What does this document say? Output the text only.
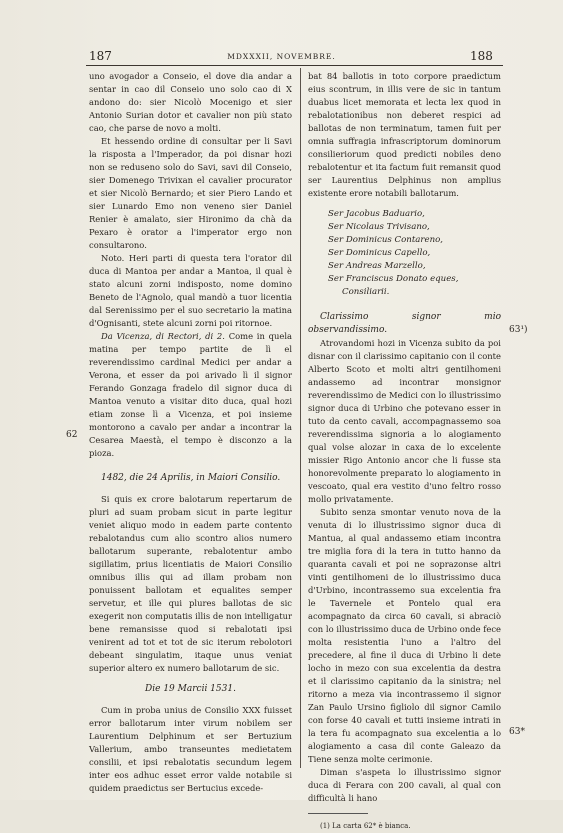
187	MDXXXII, NOVEMBRE.	188

uno avogador a Conseio, el dove dia andar a sentar in cao dil Conseio uno solo cao di X andono do: sier Nicolò Mocenigo et sier Antonio Surian dotor et cavalier non più stato cao, che parse de novo a molti.

Et hessendo ordine di consultar per li Savi la risposta a l'Imperador, da poi disnar hozi non se reduseno solo do Savi, savi dil Conseio, sier Domenego Trivixan el cavalier procurator et sier Nicolò Bernardo; et sier Piero Lando et sier Lunardo Emo non veneno sier Daniel Renier è amalato, sier Hironimo da chà da Pexaro è orator a l'imperator ergo non consultarono.

Noto. Heri parti di questa tera l'orator dil duca di Mantoa per andar a Mantoa, il qual è stato alcuni zorni indisposto, nome domino Beneto de l'Agnolo, qual mandò a tuor licentia dal Serenissimo per el suo secretario la matina d'Ognisanti, stete alcuni zorni poi ritornoe.

Da Vicenza, di Rectori, di 2. Come in quela matina per tempo partite de lì el reverendissimo cardinal Medici per andar a Verona, et esser da poi arivado lì il signor Ferando Gonzaga fradelo dil signor duca di Mantoa venuto a visitar dito duca, qual hozi etiam zonse lì a Vicenza, et poi insieme montorono a cavalo per andar a incontrar la Cesarea Maestà, el tempo è disconzo a la pioza.

1482, die 24 Aprilis, in Maiori Consilio.

Si quis ex crore balotarum repertarum de pluri ad suam probam sicut in parte legitur veniet aliquo modo in eadem parte contento rebalotandus cum alio scontro alios numero ballotarum superante, rebalotentur ambo sigillatim, prius licentiatis de Maiori Consilio omnibus illis qui ad illam probam non ponuissent ballotam et equalites semper servetur, et ille qui plures ballotas de sic exegerit non computatis illis de non intelligatur bene remansisse quod si rebalotati ipsi venirent ad tot et tot de sic iterum rebolotori debeant singulatim, itaque unus veniat superior altero ex numero ballotarum de sic.

Die 19 Marcii 1531.

Cum in proba unius de Consilio XXX fuisset error ballotarum inter virum nobilem ser Laurentium Delphinum et ser Bertuzium Vallerium, ambo transeuntes medietatem consilii, et ipsi rebalotatis secundum legem inter eos adhuc esset error valde notabile si quidem praedictus ser Bertucius excede-

62

bat 84 ballotis in toto corpore praedictum eius scontrum, in illis vere de sic in tantum duabus licet memorata et lecta lex quod in rebalotationibus non deberet respici ad ballotas de non terminatum, tamen fuit per omnia suffragia infrascriptorum dominorum consilieriorum quod predicti nobiles deno rebalotentur et ita factum fuit remansit quod ser Laurentius Delphinus non amplius existente erore notabili ballotarum.

Ser Jacobus Baduario,
Ser Nicolaus Trivisano,
Ser Dominicus Contareno,
Ser Dominicus Capello,
Ser Andreas Marzello,
Ser Franciscus Donato eques,
Consiliarii.

Clarissimo signor mio observandissimo.

Atrovandomi hozi in Vicenza subito da poi disnar con il clarissimo capitanio con il conte Alberto Scoto et molti altri gentilhomeni andassemo ad incontrar monsignor reverendissimo de Medici con lo illustrissimo signor duca di Urbino che potevano esser in tuto da cento cavali, accompagnassemo soa reverendissima signoria a lo alogiamento qual volse alozar in caxa de lo excelente missier Rigo Antonio ancor che li fusse sta honorevolmente preparato lo alogiamento in vescoato, qual era vestito d'uno feltro rosso mollo privatamente.

Subito senza smontar venuto nova de la venuta di lo illustrissimo signor duca di Mantua, al qual andassemo etiam incontra tre miglia fora di la tera in tutto hanno da quaranta cavali et poi ne soprazonse altri vinti gentilhomeni de lo illustrissimo duca d'Urbino, incontrassemo sua excelentia fra le Tavernele et Pontelo qual era acompagnato da circa 60 cavali, si abraciò con lo illustrissimo duca de Urbino onde fece molta resistentia l'uno a l'altro del precedere, al fine il duca di Urbino li dete locho in mezo con sua excelentia da destra et il clarissimo capitanio da la sinistra; nel ritorno a meza via incontrassemo il signor Zan Paulo Ursino figliolo dil signor Camilo con forse 40 cavali et tutti insieme intrati in la tera fu acompagnato sua excelentia a lo alogiamento a casa dil conte Galeazo da Tiene senza molte cerimonie.

Diman s'aspeta lo illustrissimo signor duca di Ferara con 200 cavali, al qual con difficultà li hano

(1) La carta 62* è bianca.

63¹)
63*
